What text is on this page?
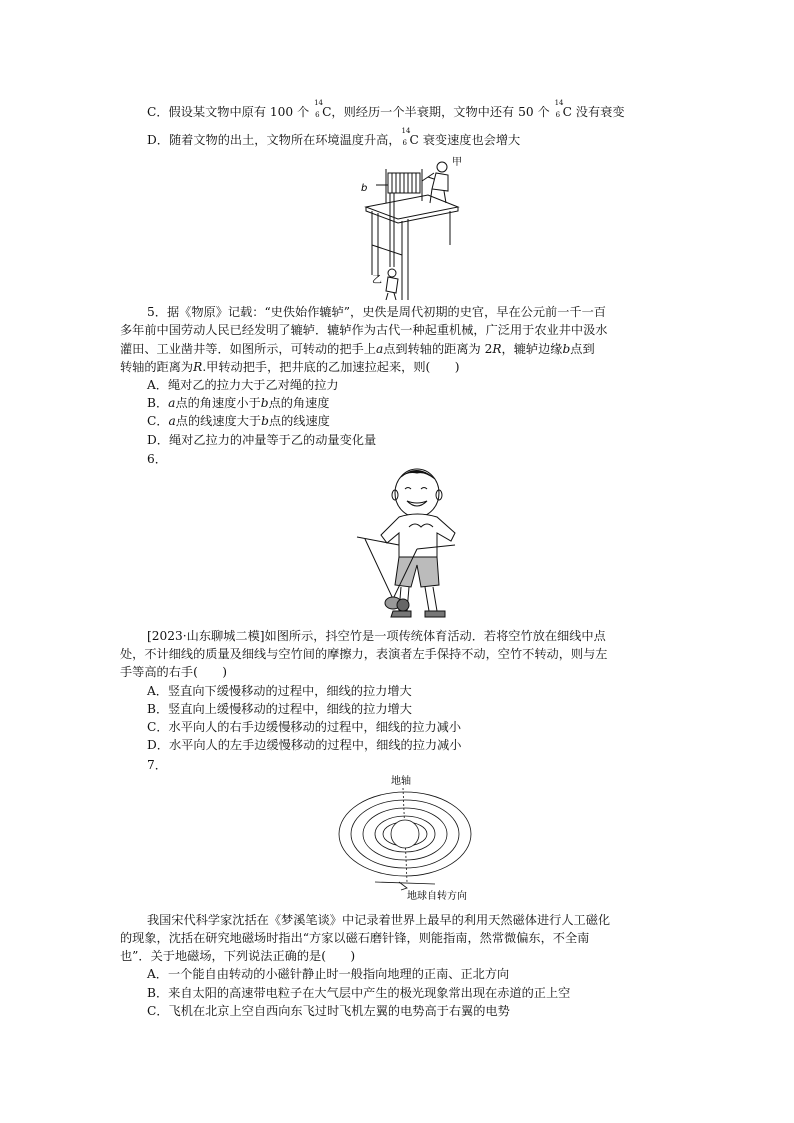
C．假设某文物中原有 100 个
14
6 C，则经历一个半衰期，文物中还有 50 个
14
6 C 没有衰变
D．随着文物的出土，文物所在环境温度升高，
14
6 C 衰变速度也会增大
b
甲
乙
5．据《物原》记载：“史佚始作辘轳”，史佚是周代初期的史官，早在公元前一千一百
多年前中国劳动人民已经发明了辘轳．辘轳作为古代一种起重机械，广泛用于农业井中汲水
灌田、工业凿井等．如图所示，可转动的把手上a点到转轴的距离为 2R，辘轳边缘b点到
转轴的距离为R.甲转动把手，把井底的乙加速拉起来，则(　　)
A．绳对乙的拉力大于乙对绳的拉力
B．a点的角速度小于b点的角速度
C．a点的线速度大于b点的线速度
D．绳对乙拉力的冲量等于乙的动量变化量
6．
[2023·山东聊城二模]如图所示，抖空竹是一项传统体育活动．若将空竹放在细线中点
处，不计细线的质量及细线与空竹间的摩擦力，表演者左手保持不动，空竹不转动，则与左
手等高的右手(　　)
A．竖直向下缓慢移动的过程中，细线的拉力增大
B．竖直向上缓慢移动的过程中，细线的拉力增大
C．水平向人的右手边缓慢移动的过程中，细线的拉力减小
D．水平向人的左手边缓慢移动的过程中，细线的拉力减小
7．
地轴
地球自转方向
我国宋代科学家沈括在《梦溪笔谈》中记录着世界上最早的利用天然磁体进行人工磁化
的现象，沈括在研究地磁场时指出“方家以磁石磨针锋，则能指南，然常微偏东，不全南
也”．关于地磁场，下列说法正确的是(　　)
A．一个能自由转动的小磁针静止时一般指向地理的正南、正北方向
B．来自太阳的高速带电粒子在大气层中产生的极光现象常出现在赤道的正上空
C．飞机在北京上空自西向东飞过时飞机左翼的电势高于右翼的电势
